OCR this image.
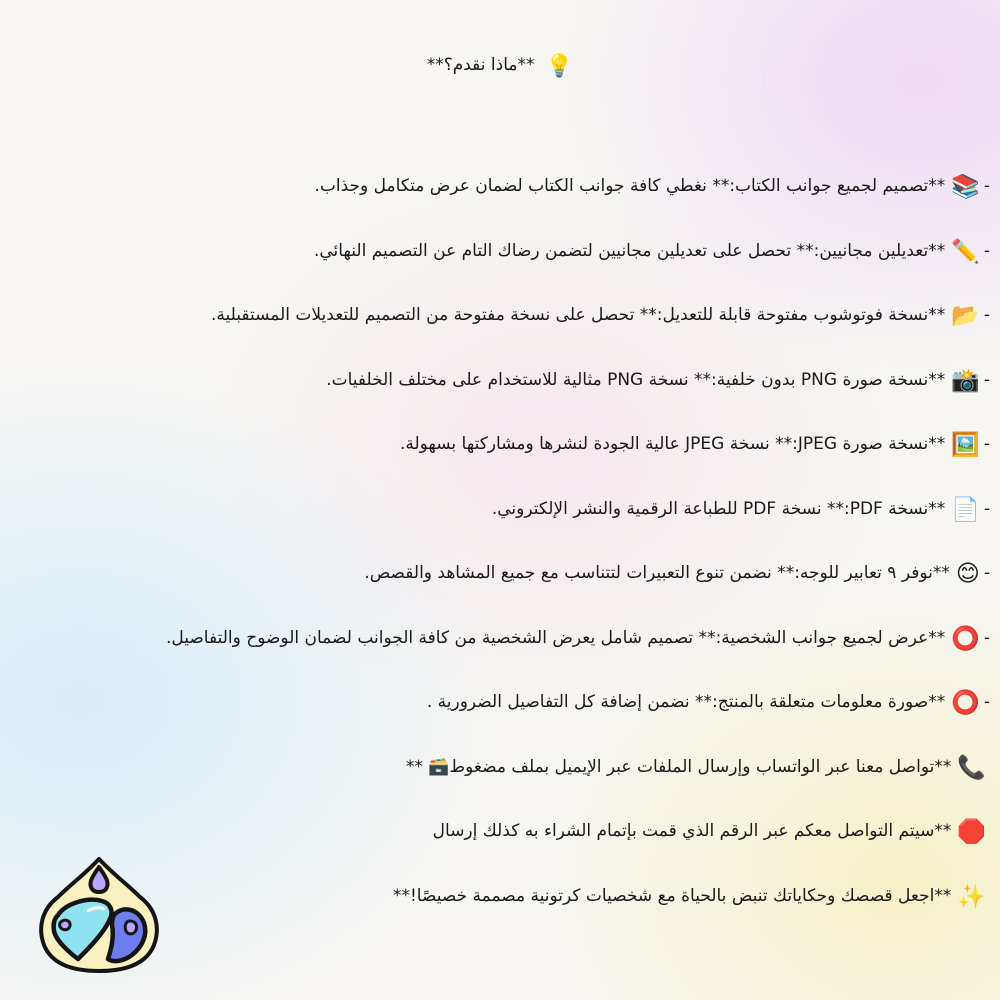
💡 **ماذا نقدم؟**
-📚**تصميم لجميع جوانب الكتاب:** نغطي كافة جوانب الكتاب لضمان عرض متكامل وجذاب.
-✏️**تعديلين مجانيين:** تحصل على تعديلين مجانيين لتضمن رضاك التام عن التصميم النهائي.
-📂**نسخة فوتوشوب مفتوحة قابلة للتعديل:** تحصل على نسخة مفتوحة من التصميم للتعديلات المستقبلية.
-📸**نسخة صورة PNG بدون خلفية:** نسخة PNG مثالية للاستخدام على مختلف الخلفيات.
-🖼️**نسخة صورة JPEG:** نسخة JPEG عالية الجودة لنشرها ومشاركتها بسهولة.
-📄**نسخة PDF:** نسخة PDF للطباعة الرقمية والنشر الإلكتروني.
-😊**نوفر ٩ تعابير للوجه:** نضمن تنوع التعبيرات لتتناسب مع جميع المشاهد والقصص.
-⭕**عرض لجميع جوانب الشخصية:** تصميم شامل يعرض الشخصية من كافة الجوانب لضمان الوضوح والتفاصيل.
-⭕**صورة معلومات متعلقة بالمنتج:** نضمن إضافة كل التفاصيل الضرورية .
📞**تواصل معنا عبر الواتساب وإرسال الملفات عبر الإيميل بملف مضغوط🗃️ **
🛑**سيتم التواصل معكم عبر الرقم الذي قمت بإتمام الشراء به كذلك إرسال
✨**اجعل قصصك وحكاياتك تنبض بالحياة مع شخصيات كرتونية مصممة خصيصًا!**
